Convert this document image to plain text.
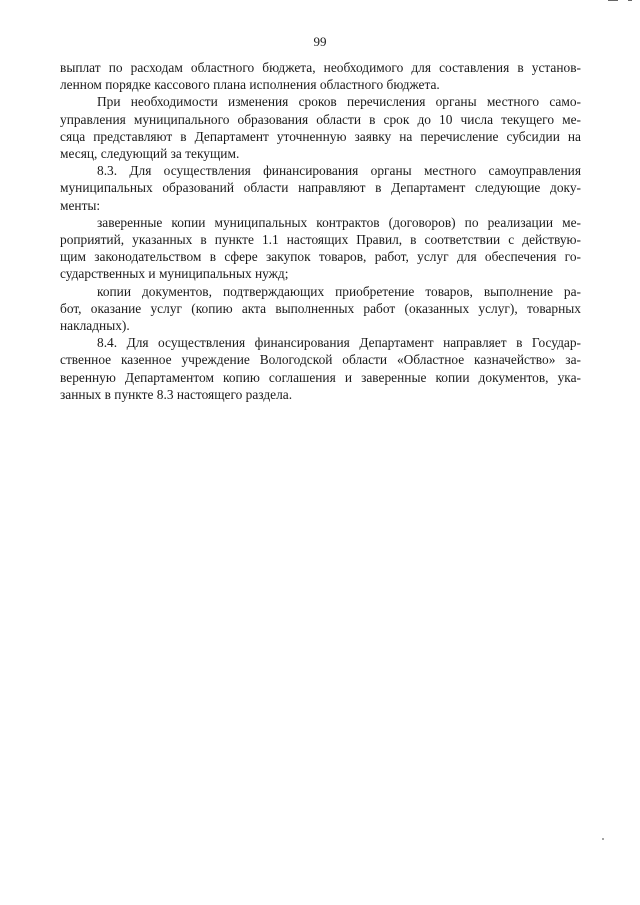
99
выплат по расходам областного бюджета, необходимого для составления в установ-
ленном порядке кассового плана исполнения областного бюджета.
При необходимости изменения сроков перечисления органы местного само-
управления муниципального образования области в срок до 10 числа текущего ме-
сяца представляют в Департамент уточненную заявку на перечисление субсидии на
месяц, следующий за текущим.
8.3. Для осуществления финансирования органы местного самоуправления
муниципальных образований области направляют в Департамент следующие доку-
менты:
заверенные копии муниципальных контрактов (договоров) по реализации ме-
роприятий, указанных в пункте 1.1 настоящих Правил, в соответствии с действую-
щим законодательством в сфере закупок товаров, работ, услуг для обеспечения го-
сударственных и муниципальных нужд;
копии документов, подтверждающих приобретение товаров, выполнение ра-
бот, оказание услуг (копию акта выполненных работ (оказанных услуг), товарных
накладных).
8.4. Для осуществления финансирования Департамент направляет в Государ-
ственное казенное учреждение Вологодской области «Областное казначейство» за-
веренную Департаментом копию соглашения и заверенные копии документов, ука-
занных в пункте 8.3 настоящего раздела.
